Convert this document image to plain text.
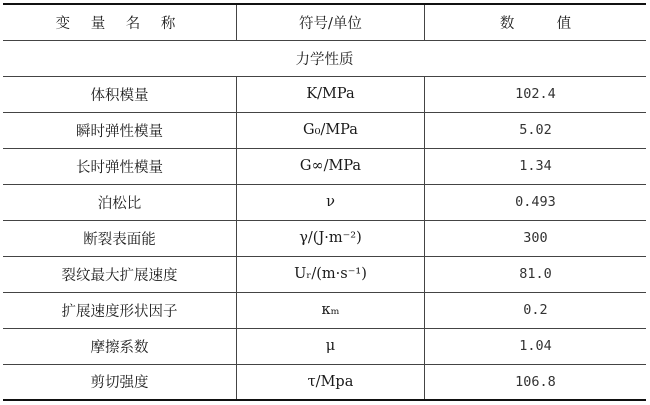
变 量 名 称	符号/单位	数 值
力学性质		
体积模量	K/MPa	102.4
瞬时弹性模量	G₀/MPa	5.02
长时弹性模量	G∞/MPa	1.34
泊松比	ν	0.493
断裂表面能	γ/(J·m⁻²)	300
裂纹最大扩展速度	Uᵣ/(m·s⁻¹)	81.0
扩展速度形状因子	κₘ	0.2
摩擦系数	μ	1.04
剪切强度	τ/Mpa	106.8
